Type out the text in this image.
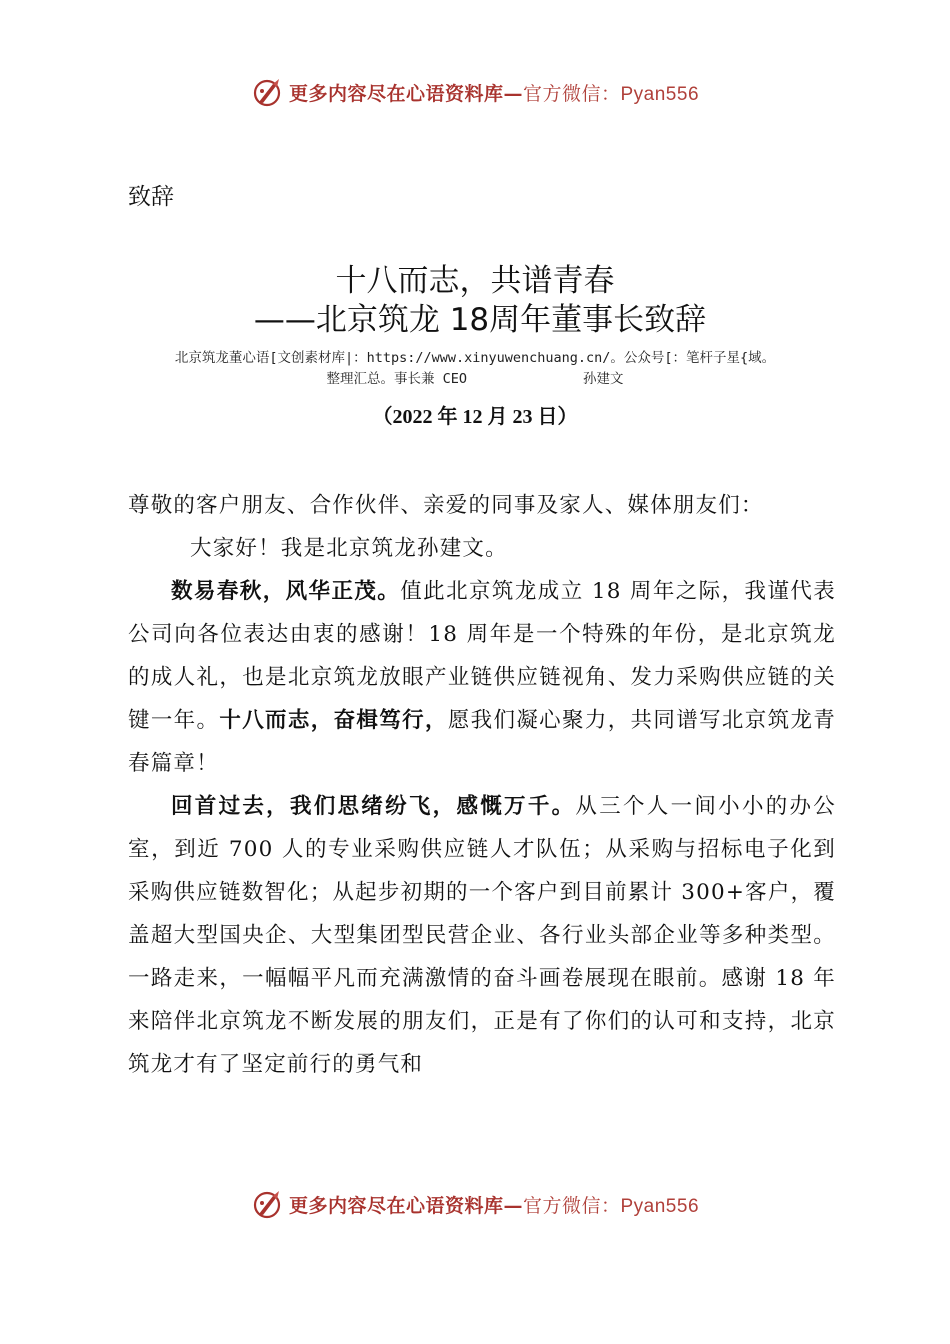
更多内容尽在心语资料库—官方微信：Pyan556
致辞
十八而志，共谱青春
——北京筑龙 18周年董事长致辞
北京筑龙董心语[文创素材库|：https://www.xinyuwenchuang.cn/。公众号[：笔杆子星{域。
整理汇总。事长兼 CEO	孙建文
（2022 年 12 月 23 日）

尊敬的客户朋友、合作伙伴、亲爱的同事及家人、媒体朋友们：

大家好！我是北京筑龙孙建文。

数易春秋，风华正茂。值此北京筑龙成立 18 周年之际，我谨代表公司向各位表达由衷的感谢！18 周年是一个特殊的年份，是北京筑龙的成人礼，也是北京筑龙放眼产业链供应链视角、发力采购供应链的关键一年。十八而志，奋楫笃行，愿我们凝心聚力，共同谱写北京筑龙青春篇章！

回首过去，我们思绪纷飞，感慨万千。从三个人一间小小的办公室，到近 700 人的专业采购供应链人才队伍；从采购与招标电子化到采购供应链数智化；从起步初期的一个客户到目前累计 300+客户，覆盖超大型国央企、大型集团型民营企业、各行业头部企业等多种类型。一路走来，一幅幅平凡而充满激情的奋斗画卷展现在眼前。感谢 18 年来陪伴北京筑龙不断发展的朋友们，正是有了你们的认可和支持，北京筑龙才有了坚定前行的勇气和

更多内容尽在心语资料库—官方微信：Pyan556
